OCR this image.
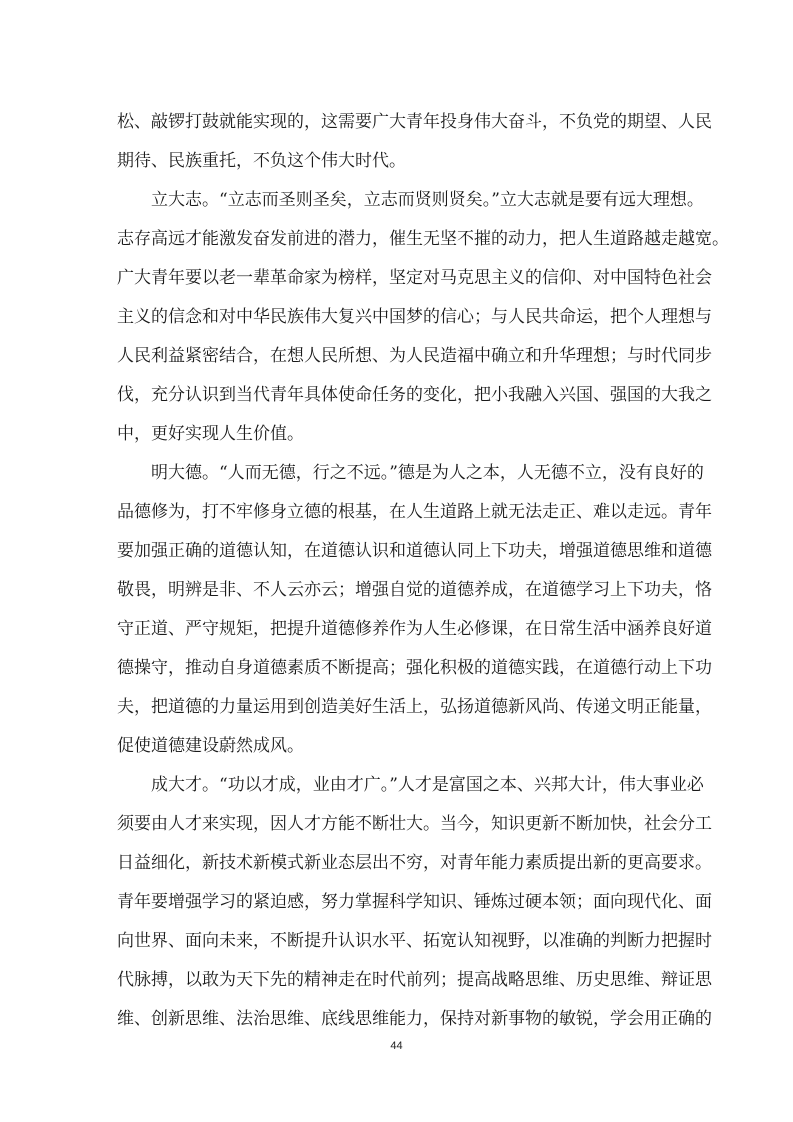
松、敲锣打鼓就能实现的，这需要广大青年投身伟大奋斗，不负党的期望、人民
期待、民族重托，不负这个伟大时代。
立大志。“立志而圣则圣矣，立志而贤则贤矣。”立大志就是要有远大理想。
志存高远才能激发奋发前进的潜力，催生无坚不摧的动力，把人生道路越走越宽。
广大青年要以老一辈革命家为榜样，坚定对马克思主义的信仰、对中国特色社会
主义的信念和对中华民族伟大复兴中国梦的信心；与人民共命运，把个人理想与
人民利益紧密结合，在想人民所想、为人民造福中确立和升华理想；与时代同步
伐，充分认识到当代青年具体使命任务的变化，把小我融入兴国、强国的大我之
中，更好实现人生价值。
明大德。“人而无德，行之不远。”德是为人之本，人无德不立，没有良好的
品德修为，打不牢修身立德的根基，在人生道路上就无法走正、难以走远。青年
要加强正确的道德认知，在道德认识和道德认同上下功夫，增强道德思维和道德
敬畏，明辨是非、不人云亦云；增强自觉的道德养成，在道德学习上下功夫，恪
守正道、严守规矩，把提升道德修养作为人生必修课，在日常生活中涵养良好道
德操守，推动自身道德素质不断提高；强化积极的道德实践，在道德行动上下功
夫，把道德的力量运用到创造美好生活上，弘扬道德新风尚、传递文明正能量，
促使道德建设蔚然成风。
成大才。“功以才成，业由才广。”人才是富国之本、兴邦大计，伟大事业必
须要由人才来实现，因人才方能不断壮大。当今，知识更新不断加快，社会分工
日益细化，新技术新模式新业态层出不穷，对青年能力素质提出新的更高要求。
青年要增强学习的紧迫感，努力掌握科学知识、锤炼过硬本领；面向现代化、面
向世界、面向未来，不断提升认识水平、拓宽认知视野，以准确的判断力把握时
代脉搏，以敢为天下先的精神走在时代前列；提高战略思维、历史思维、辩证思
维、创新思维、法治思维、底线思维能力，保持对新事物的敏锐，学会用正确的
44
